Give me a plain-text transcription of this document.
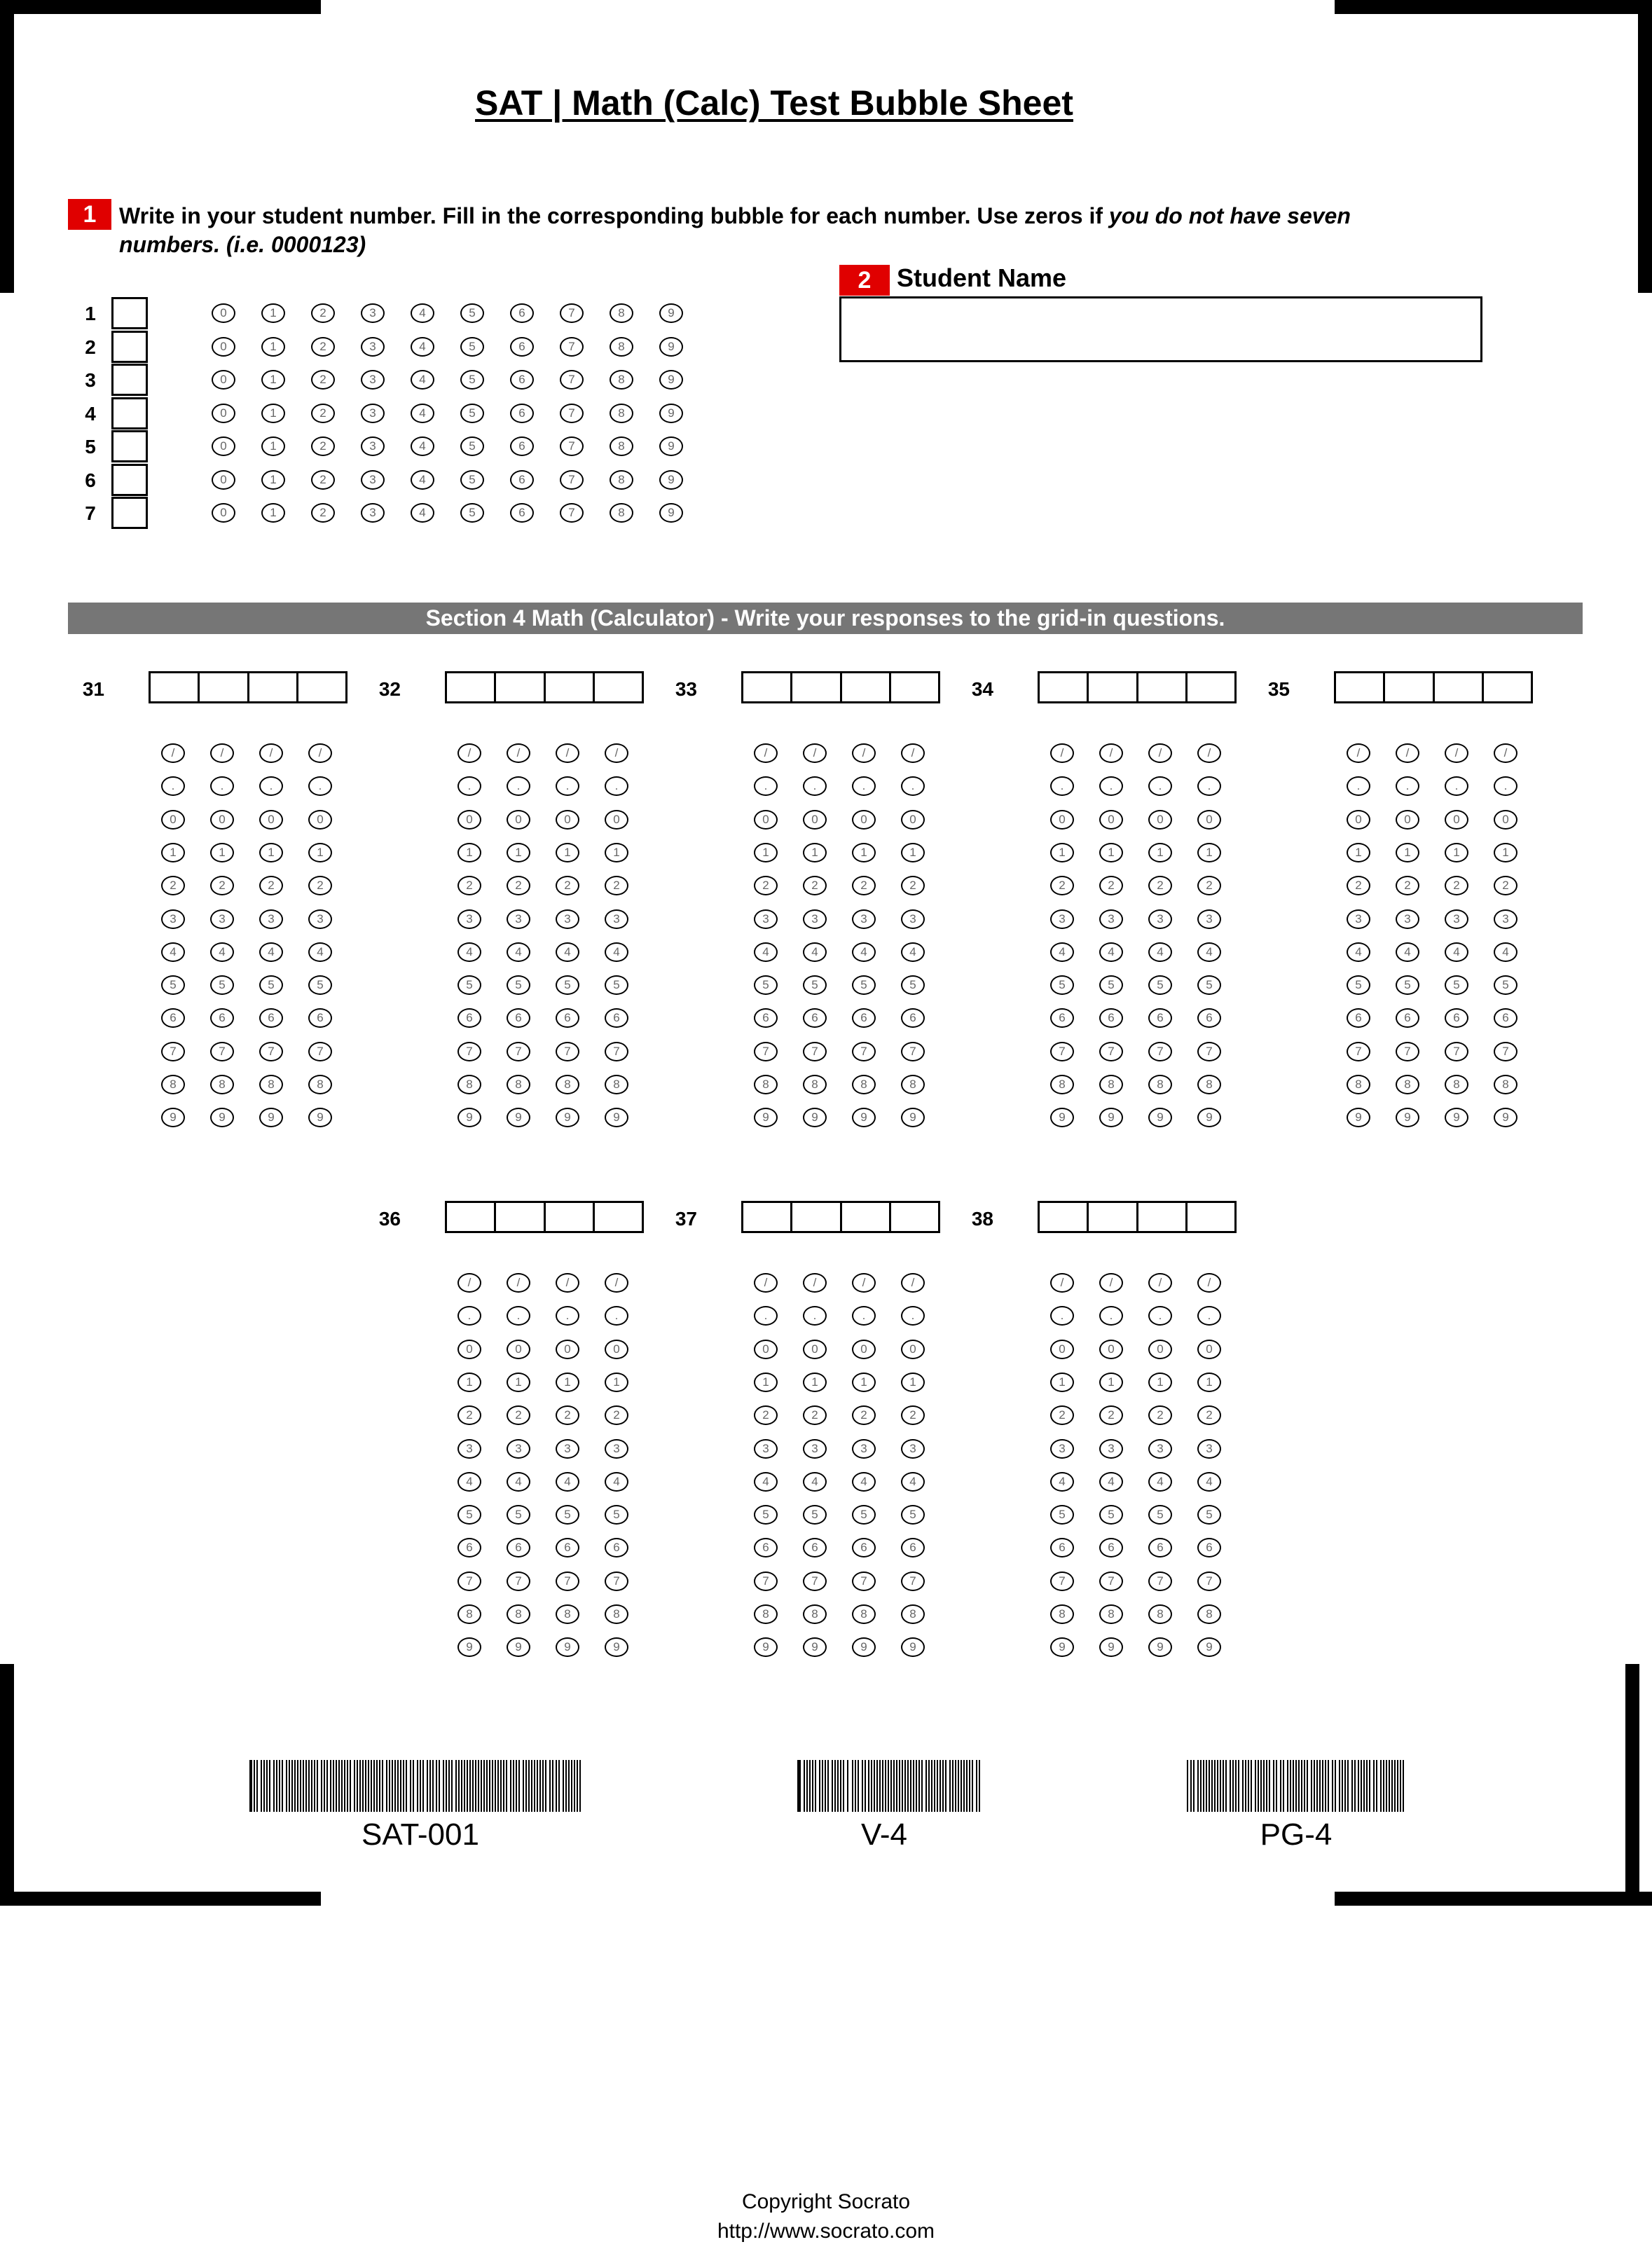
SAT | Math (Calc) Test Bubble Sheet
1	Write in your student number. Fill in the corresponding bubble for each number. Use zeros if you do not have seven numbers. (i.e. 0000123)
2	Student Name
1	0	1	2	3	4	5	6	7	8	9
2	0	1	2	3	4	5	6	7	8	9
3	0	1	2	3	4	5	6	7	8	9
4	0	1	2	3	4	5	6	7	8	9
5	0	1	2	3	4	5	6	7	8	9
6	0	1	2	3	4	5	6	7	8	9
7	0	1	2	3	4	5	6	7	8	9
Section 4 Math (Calculator) - Write your responses to the grid-in questions.
31
/	/	/	/
.	.	.	.
0	0	0	0
1	1	1	1
2	2	2	2
3	3	3	3
4	4	4	4
5	5	5	5
6	6	6	6
7	7	7	7
8	8	8	8
9	9	9	9
32
/	/	/	/
.	.	.	.
0	0	0	0
1	1	1	1
2	2	2	2
3	3	3	3
4	4	4	4
5	5	5	5
6	6	6	6
7	7	7	7
8	8	8	8
9	9	9	9
33
/	/	/	/
.	.	.	.
0	0	0	0
1	1	1	1
2	2	2	2
3	3	3	3
4	4	4	4
5	5	5	5
6	6	6	6
7	7	7	7
8	8	8	8
9	9	9	9
34
/	/	/	/
.	.	.	.
0	0	0	0
1	1	1	1
2	2	2	2
3	3	3	3
4	4	4	4
5	5	5	5
6	6	6	6
7	7	7	7
8	8	8	8
9	9	9	9
35
/	/	/	/
.	.	.	.
0	0	0	0
1	1	1	1
2	2	2	2
3	3	3	3
4	4	4	4
5	5	5	5
6	6	6	6
7	7	7	7
8	8	8	8
9	9	9	9
36
/	/	/	/
.	.	.	.
0	0	0	0
1	1	1	1
2	2	2	2
3	3	3	3
4	4	4	4
5	5	5	5
6	6	6	6
7	7	7	7
8	8	8	8
9	9	9	9
37
/	/	/	/
.	.	.	.
0	0	0	0
1	1	1	1
2	2	2	2
3	3	3	3
4	4	4	4
5	5	5	5
6	6	6	6
7	7	7	7
8	8	8	8
9	9	9	9
38
/	/	/	/
.	.	.	.
0	0	0	0
1	1	1	1
2	2	2	2
3	3	3	3
4	4	4	4
5	5	5	5
6	6	6	6
7	7	7	7
8	8	8	8
9	9	9	9
SAT-001	V-4	PG-4
Copyright Socrato
http://www.socrato.com
